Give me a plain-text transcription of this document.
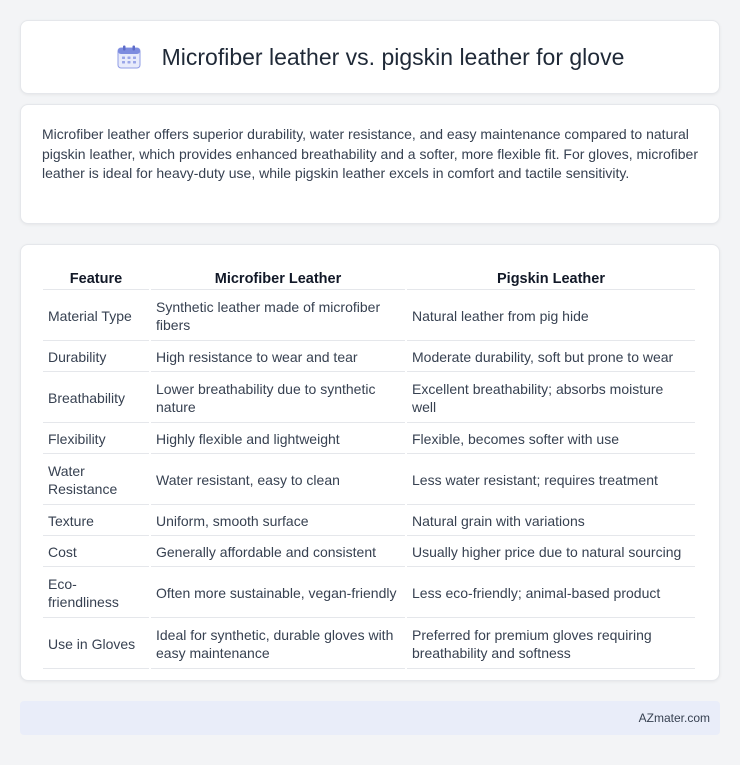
Microfiber leather vs. pigskin leather for glove

Microfiber leather offers superior durability, water resistance, and easy maintenance compared to natural pigskin leather, which provides enhanced breathability and a softer, more flexible fit. For gloves, microfiber leather is ideal for heavy-duty use, while pigskin leather excels in comfort and tactile sensitivity.

Feature	Microfiber Leather	Pigskin Leather
Material Type	Synthetic leather made of microfiber fibers	Natural leather from pig hide
Durability	High resistance to wear and tear	Moderate durability, soft but prone to wear
Breathability	Lower breathability due to synthetic nature	Excellent breathability; absorbs moisture well
Flexibility	Highly flexible and lightweight	Flexible, becomes softer with use
Water Resistance	Water resistant, easy to clean	Less water resistant; requires treatment
Texture	Uniform, smooth surface	Natural grain with variations
Cost	Generally affordable and consistent	Usually higher price due to natural sourcing
Eco-friendliness	Often more sustainable, vegan-friendly	Less eco-friendly; animal-based product
Use in Gloves	Ideal for synthetic, durable gloves with easy maintenance	Preferred for premium gloves requiring breathability and softness
AZmater.com
